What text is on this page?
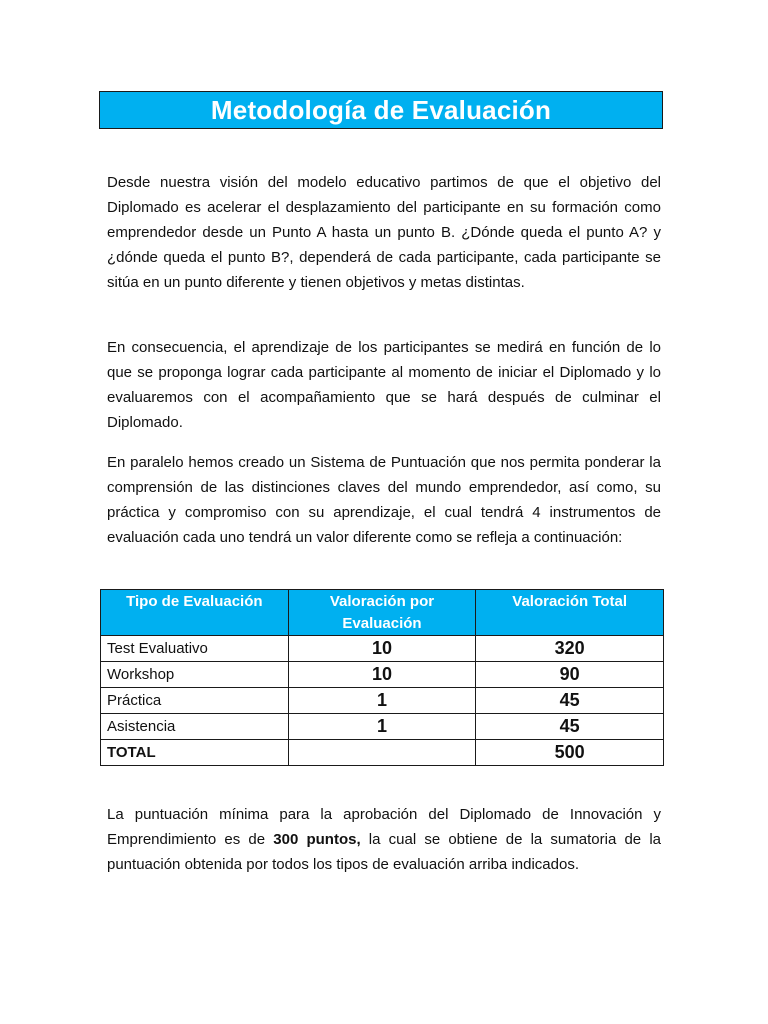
Metodología de Evaluación

Desde nuestra visión del modelo educativo partimos de que el objetivo del Diplomado es acelerar el desplazamiento del participante en su formación como emprendedor desde un Punto A hasta un punto B. ¿Dónde queda el punto A? y ¿dónde queda el punto B?, dependerá de cada participante, cada participante se sitúa en un punto diferente y tienen objetivos y metas distintas.

En consecuencia, el aprendizaje de los participantes se medirá en función de lo que se proponga lograr cada participante al momento de iniciar el Diplomado y lo evaluaremos con el acompañamiento que se hará después de culminar el Diplomado.

En paralelo hemos creado un Sistema de Puntuación que nos permita ponderar la comprensión de las distinciones claves del mundo emprendedor, así como, su práctica y compromiso con su aprendizaje, el cual tendrá 4 instrumentos de evaluación cada uno tendrá un valor diferente como se refleja a continuación:

Tipo de Evaluación	Valoración por Evaluación	Valoración Total
Test Evaluativo	10	320
Workshop	10	90
Práctica	1	45
Asistencia	1	45
TOTAL		500

La puntuación mínima para la aprobación del Diplomado de Innovación y Emprendimiento es de 300 puntos, la cual se obtiene de la sumatoria de la puntuación obtenida por todos los tipos de evaluación arriba indicados.
